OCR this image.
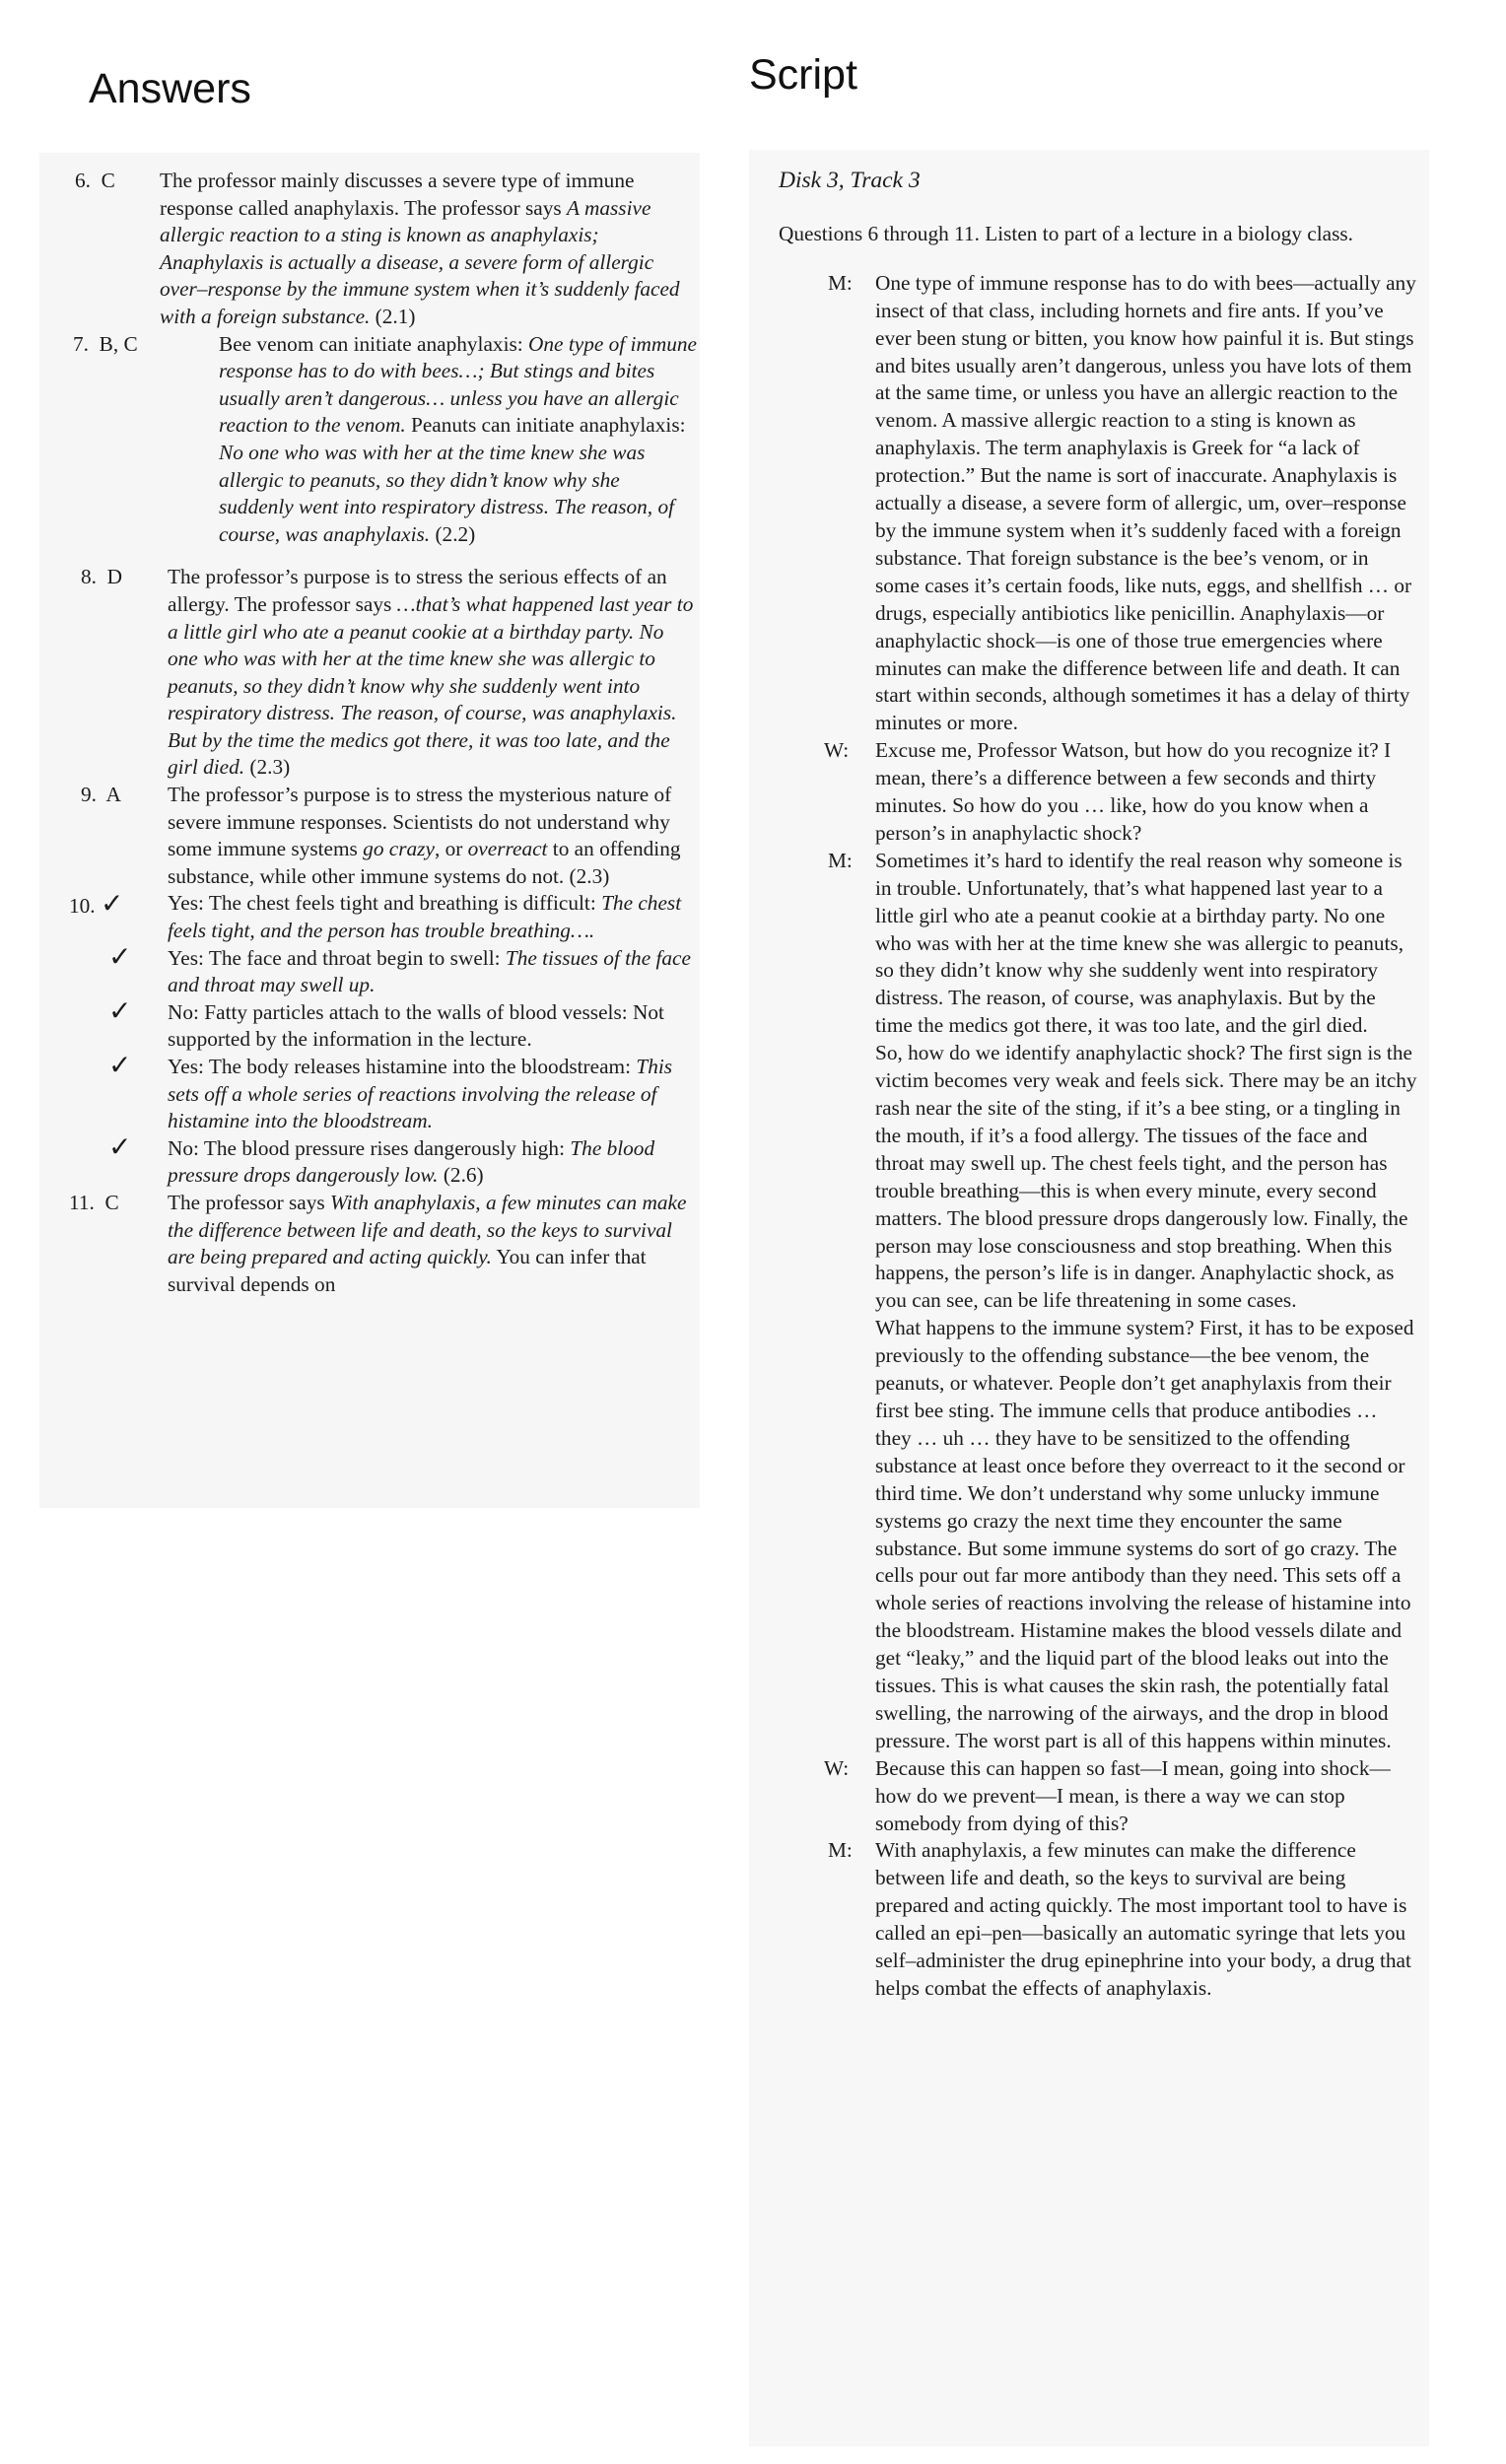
Answers	Script
6.  C	The professor mainly discusses a severe type of immune response called anaphylaxis. The professor says A massive allergic reaction to a sting is known as anaphylaxis; Anaphylaxis is actually a disease, a severe form of allergic over–response by the immune system when it’s suddenly faced with a foreign substance. (2.1)
7.  B, C	Bee venom can initiate anaphylaxis: One type of immune response has to do with bees…; But stings and bites usually aren’t dangerous… unless you have an allergic reaction to the venom. Peanuts can initiate anaphylaxis: No one who was with her at the time knew she was allergic to peanuts, so they didn’t know why she suddenly went into respiratory distress. The reason, of course, was anaphylaxis. (2.2)
8.  D	The professor’s purpose is to stress the serious effects of an allergy. The professor says …that’s what happened last year to a little girl who ate a peanut cookie at a birthday party. No one who was with her at the time knew she was allergic to peanuts, so they didn’t know why she suddenly went into respiratory distress. The reason, of course, was anaphylaxis. But by the time the medics got there, it was too late, and the girl died. (2.3)
9.  A	The professor’s purpose is to stress the mysterious nature of severe immune responses. Scientists do not understand why some immune systems go crazy, or overreact to an offending substance, while other immune systems do not. (2.3)
10. ✓	Yes: The chest feels tight and breathing is difficult: The chest feels tight, and the person has trouble breathing….
✓ Yes: The face and throat begin to swell: The tissues of the face and throat may swell up.
✓ No: Fatty particles attach to the walls of blood vessels: Not supported by the information in the lecture.
✓ Yes: The body releases histamine into the bloodstream: This sets off a whole series of reactions involving the release of histamine into the bloodstream.
✓ No: The blood pressure rises dangerously high: The blood pressure drops dangerously low. (2.6)
11.  C	The professor says With anaphylaxis, a few minutes can make the difference between life and death, so the keys to survival are being prepared and acting quickly. You can infer that survival depends on
Disk 3, Track 3
Questions 6 through 11. Listen to part of a lecture in a biology class.
M: One type of immune response has to do with bees—actually any insect of that class, including hornets and fire ants. If you’ve ever been stung or bitten, you know how painful it is. But stings and bites usually aren’t dangerous, unless you have lots of them at the same time, or unless you have an allergic reaction to the venom. A massive allergic reaction to a sting is known as anaphylaxis. The term anaphylaxis is Greek for “a lack of protection.” But the name is sort of inaccurate. Anaphylaxis is actually a disease, a severe form of allergic, um, over–response by the immune system when it’s suddenly faced with a foreign substance. That foreign substance is the bee’s venom, or in some cases it’s certain foods, like nuts, eggs, and shellfish … or drugs, especially antibiotics like penicillin. Anaphylaxis—or anaphylactic shock—is one of those true emergencies where minutes can make the difference between life and death. It can start within seconds, although sometimes it has a delay of thirty minutes or more.

W: Excuse me, Professor Watson, but how do you recognize it? I mean, there’s a difference between a few seconds and thirty minutes. So how do you … like, how do you know when a person’s in anaphylactic shock?

M: Sometimes it’s hard to identify the real reason why someone is in trouble. Unfortunately, that’s what happened last year to a little girl who ate a peanut cookie at a birthday party. No one who was with her at the time knew she was allergic to peanuts, so they didn’t know why she suddenly went into respiratory distress. The reason, of course, was anaphylaxis. But by the time the medics got there, it was too late, and the girl died.

So, how do we identify anaphylactic shock? The first sign is the victim becomes very weak and feels sick. There may be an itchy rash near the site of the sting, if it’s a bee sting, or a tingling in the mouth, if it’s a food allergy. The tissues of the face and throat may swell up. The chest feels tight, and the person has trouble breathing—this is when every minute, every second matters. The blood pressure drops dangerously low. Finally, the person may lose consciousness and stop breathing. When this happens, the person’s life is in danger. Anaphylactic shock, as you can see, can be life threatening in some cases.

What happens to the immune system? First, it has to be exposed previously to the offending substance—the bee venom, the peanuts, or whatever. People don’t get anaphylaxis from their first bee sting. The immune cells that produce antibodies … they … uh … they have to be sensitized to the offending substance at least once before they overreact to it the second or third time. We don’t understand why some unlucky immune systems go crazy the next time they encounter the same substance. But some immune systems do sort of go crazy. The cells pour out far more antibody than they need. This sets off a whole series of reactions involving the release of histamine into the bloodstream. Histamine makes the blood vessels dilate and get “leaky,” and the liquid part of the blood leaks out into the tissues. This is what causes the skin rash, the potentially fatal swelling, the narrowing of the airways, and the drop in blood pressure. The worst part is all of this happens within minutes.

W: Because this can happen so fast—I mean, going into shock—how do we prevent—I mean, is there a way we can stop somebody from dying of this?

M: With anaphylaxis, a few minutes can make the difference between life and death, so the keys to survival are being prepared and acting quickly. The most important tool to have is called an epi–pen—basically an automatic syringe that lets you self–administer the drug epinephrine into your body, a drug that helps combat the effects of anaphylaxis.
